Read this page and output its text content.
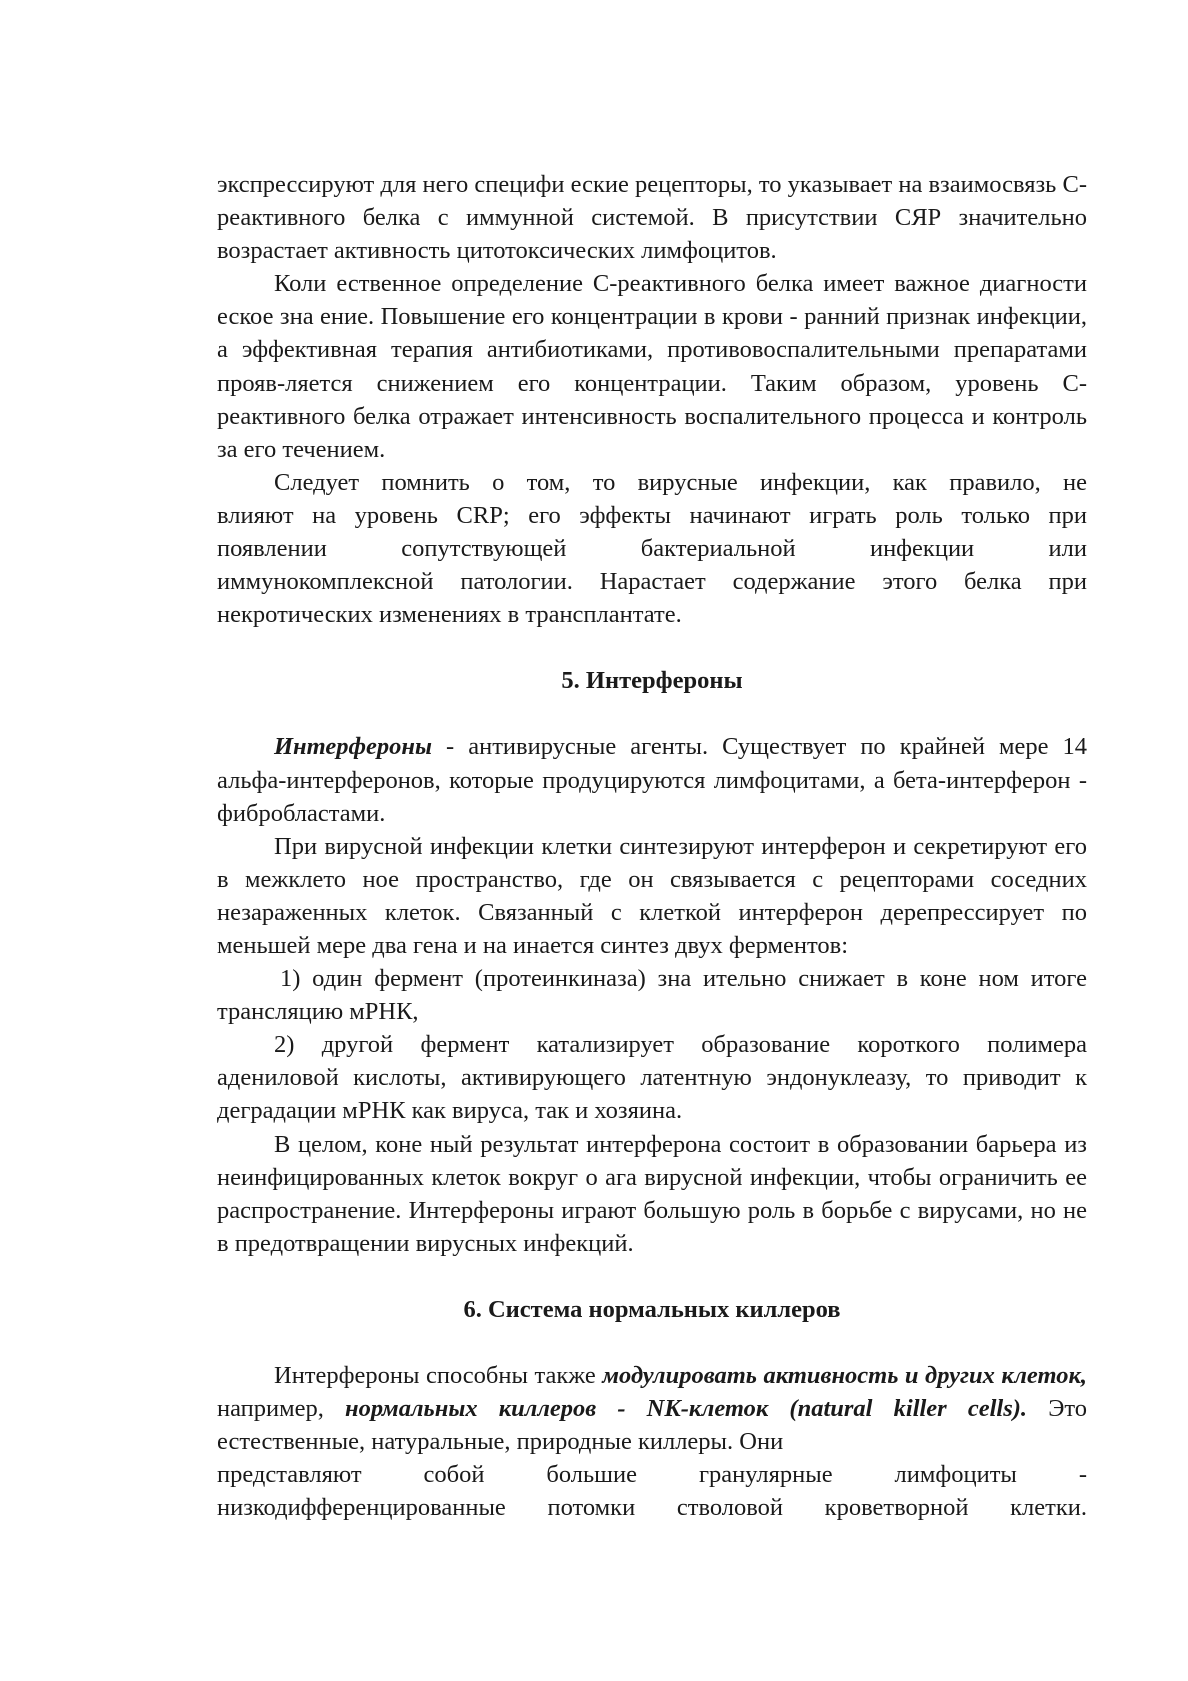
экспрессируют для него специфи еские рецепторы, то указывает на взаимосвязь С-реактивного белка с иммунной системой. В присутствии СЯР значительно возрастает активность цитотоксических лимфоцитов.

Коли ественное определение С-реактивного белка имеет важное диагности еское зна ение. Повышение его концентрации в крови - ранний признак инфекции, а эффективная терапия антибиотиками, противовоспалительными препаратами прояв-ляется снижением его концентрации. Таким образом, уровень С-реактивного белка отражает интенсивность воспалительного процесса и контроль за его течением.

Следует помнить о том, то вирусные инфекции, как правило, не

влияют на уровень CRP; его эффекты начинают играть роль только при

появлении сопутствующей бактериальной инфекции или

иммунокомплексной патологии. Нарастает содержание этого белка при некротических изменениях в трансплантате.

5. Интерфероны

Интерфероны - антивирусные агенты. Существует по крайней мере 14 альфа-интерферонов, которые продуцируются лимфоцитами, а бета-интерферон - фибробластами.

При вирусной инфекции клетки синтезируют интерферон и секретируют его в межклето ное пространство, где он связывается с рецепторами соседних незараженных клеток. Связанный с клеткой интерферон дерепрессирует по меньшей мере два гена и на инается синтез двух ферментов:

1) один фермент (протеинкиназа) зна ительно снижает в коне ном итоге трансляцию мРНК,

2) другой фермент катализирует образование короткого полимера адениловой кислоты, активирующего латентную эндонуклеазу, то приводит к деградации мРНК как вируса, так и хозяина.

В целом, коне ный результат интерферона состоит в образовании барьера из неинфицированных клеток вокруг о ага вирусной инфекции, чтобы ограничить ее распространение. Интерфероны играют большую роль в борьбе с вирусами, но не в предотвращении вирусных инфекций.

6. Система нормальных киллеров

Интерфероны способны также модулировать активность и других клеток, например, нормальных киллеров - NK-клеток (natural killer cells). Это естественные, натуральные, природные киллеры. Они

представляют собой большие гранулярные лимфоциты -

низкодифференцированные потомки стволовой кроветворной клетки.
